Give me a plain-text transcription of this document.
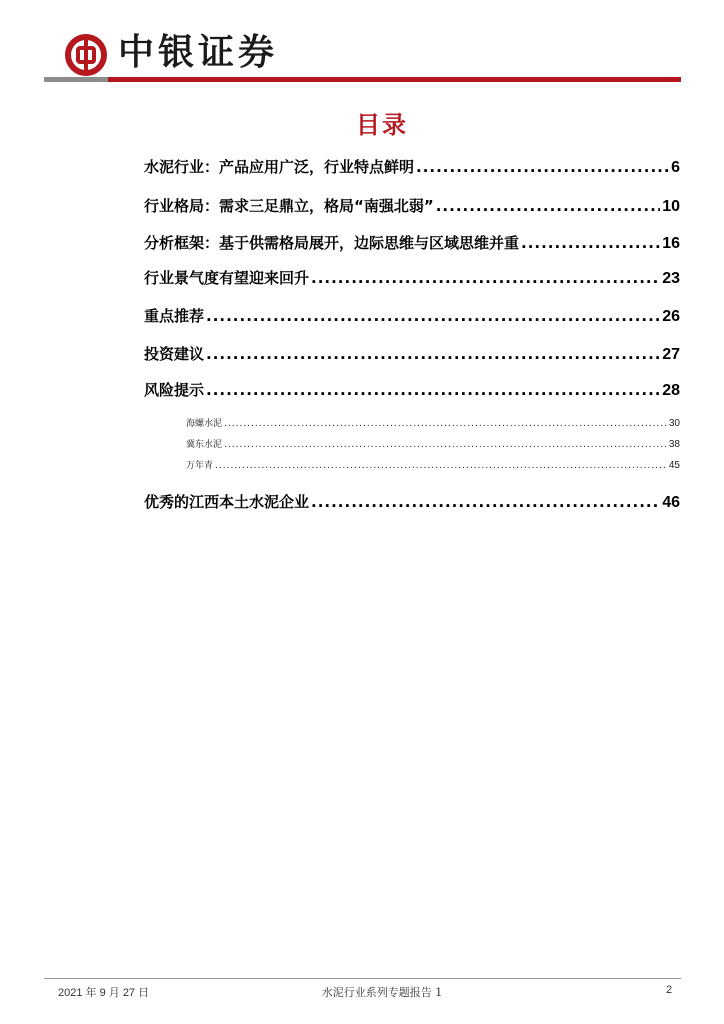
中银证券
目录
水泥行业：产品应用广泛，行业特点鲜明 .....	6
行业格局：需求三足鼎立，格局“南强北弱” .....	10
分析框架：基于供需格局展开，边际思维与区域思维并重 .....	16
行业景气度有望迎来回升 .....	23
重点推荐 .....	26
投资建议 .....	27
风险提示 .....	28
海螺水泥 .....	30
冀东水泥 .....	38
万年青 .....	45
优秀的江西本土水泥企业 .....	46
2021 年 9 月 27 日	水泥行业系列专题报告 1	2
